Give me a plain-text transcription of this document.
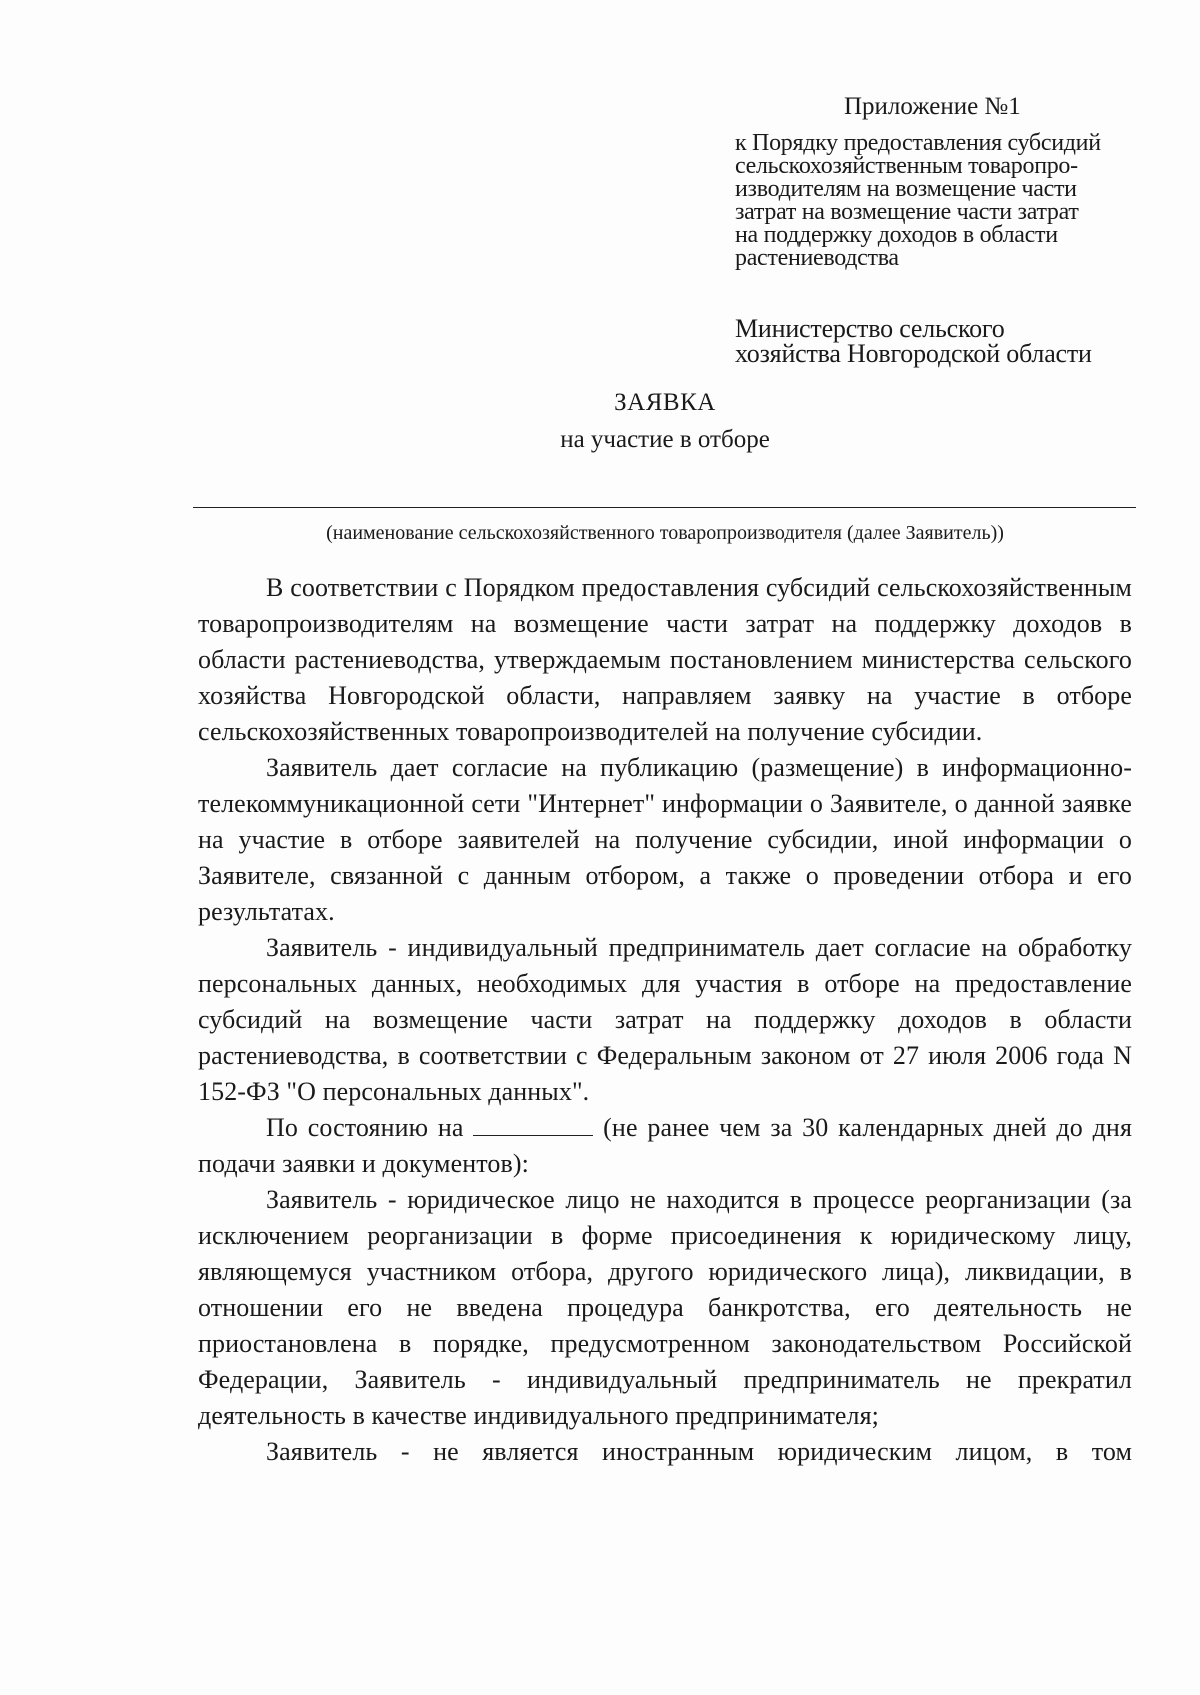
Приложение №1
к Порядку предоставления субсидий
сельскохозяйственным товаропро-
изводителям на возмещение части
затрат на возмещение части затрат
на поддержку доходов в области
растениеводства
Министерство сельского
хозяйства Новгородской области
ЗАЯВКА
на участие в отборе
(наименование сельскохозяйственного товаропроизводителя (далее Заявитель))

В соответствии с Порядком предоставления субсидий сельскохозяйственным товаропроизводителям на возмещение части затрат на поддержку доходов в области растениеводства, утверждаемым постановлением министерства сельского хозяйства Новгородской области, направляем заявку на участие в отборе сельскохозяйственных товаропроизводителей на получение субсидии.

Заявитель дает согласие на публикацию (размещение) в информационно-телекоммуникационной сети "Интернет" информации о Заявителе, о данной заявке на участие в отборе заявителей на получение субсидии, иной информации о Заявителе, связанной с данным отбором, а также о проведении отбора и его результатах.

Заявитель - индивидуальный предприниматель дает согласие на обработку персональных данных, необходимых для участия в отборе на предоставление субсидий на возмещение части затрат на поддержку доходов в области растениеводства, в соответствии с Федеральным законом от 27 июля 2006 года N 152-ФЗ "О персональных данных".

По состоянию на	(не ранее чем за 30 календарных дней до дня подачи заявки и документов):

Заявитель - юридическое лицо не находится в процессе реорганизации (за исключением реорганизации в форме присоединения к юридическому лицу, являющемуся участником отбора, другого юридического лица), ликвидации, в отношении его не введена процедура банкротства, его деятельность не приостановлена в порядке, предусмотренном законодательством Российской Федерации, Заявитель - индивидуальный предприниматель не прекратил деятельность в качестве индивидуального предпринимателя;

Заявитель - не является иностранным юридическим лицом, в том
